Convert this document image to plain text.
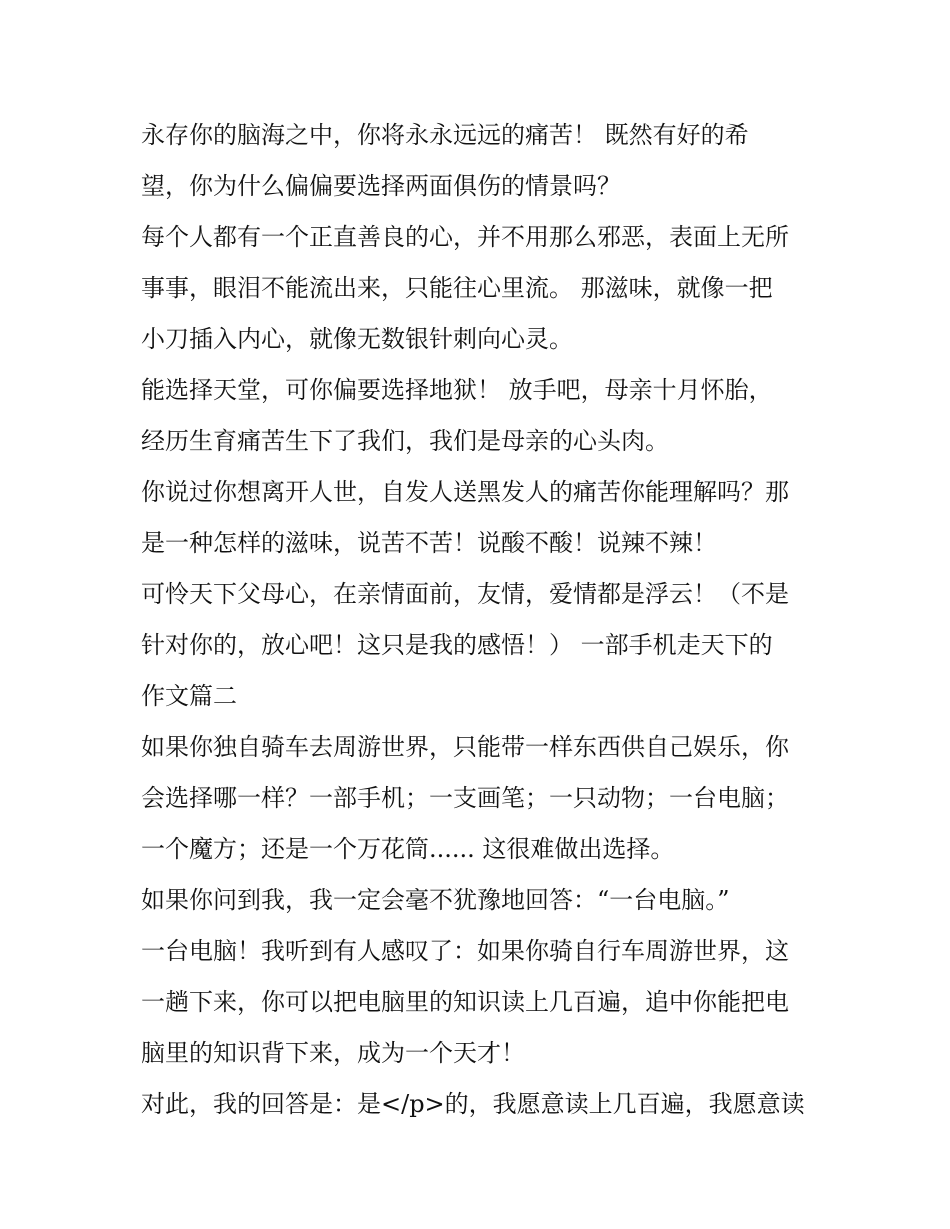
永存你的脑海之中，你将永永远远的痛苦！ 既然有好的希
望，你为什么偏偏要选择两面俱伤的情景吗？
每个人都有一个正直善良的心，并不用那么邪恶，表面上无所
事事，眼泪不能流出来，只能往心里流。 那滋味，就像一把
小刀插入内心，就像无数银针刺向心灵。
能选择天堂，可你偏要选择地狱！ 放手吧，母亲十月怀胎，
经历生育痛苦生下了我们，我们是母亲的心头肉。
你说过你想离开人世，自发人送黑发人的痛苦你能理解吗？那
是一种怎样的滋味，说苦不苦！说酸不酸！说辣不辣！
可怜天下父母心，在亲情面前，友情，爱情都是浮云！（不是
针对你的，放心吧！这只是我的感悟！） 一部手机走天下的
作文篇二
如果你独自骑车去周游世界，只能带一样东西供自己娱乐，你
会选择哪一样？一部手机；一支画笔；一只动物；一台电脑；
一个魔方；还是一个万花筒...... 这很难做出选择。
如果你问到我，我一定会毫不犹豫地回答：“一台电脑。”
一台电脑！我听到有人感叹了：如果你骑自行车周游世界，这
一趟下来，你可以把电脑里的知识读上几百遍，追中你能把电
脑里的知识背下来，成为一个天才！
对此，我的回答是：是</p>的，我愿意读上几百遍，我愿意读
